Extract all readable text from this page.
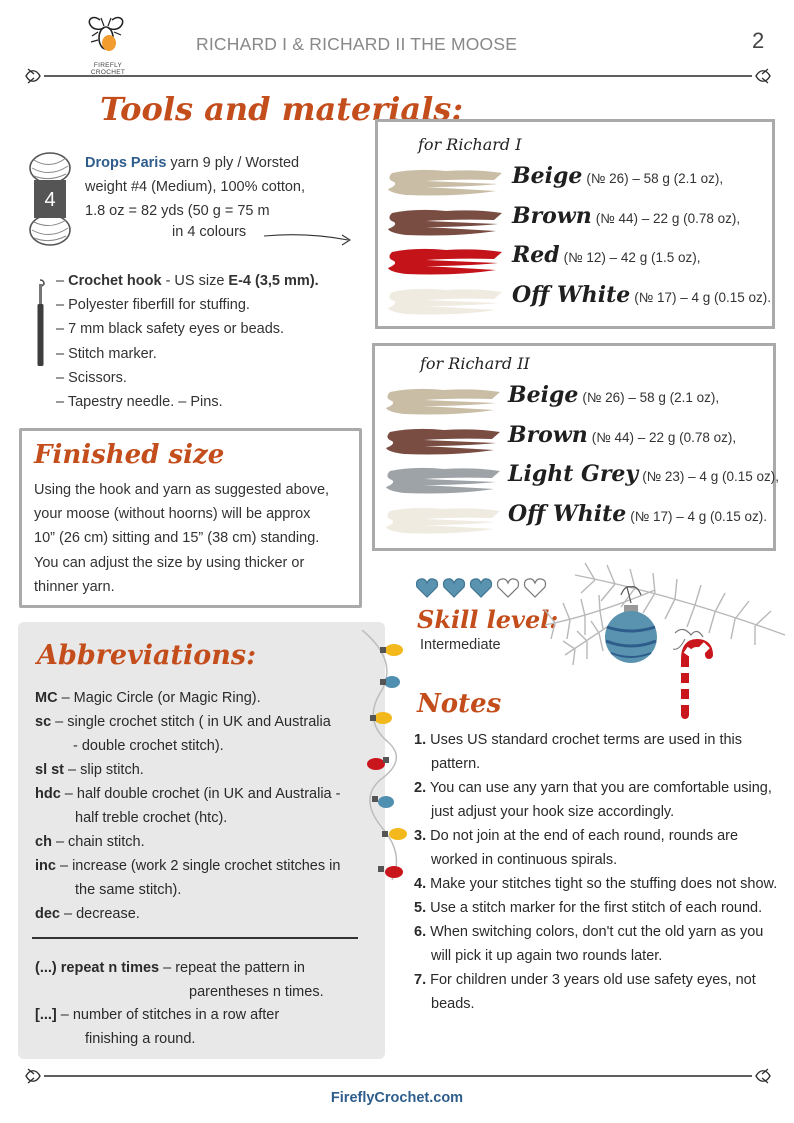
FIREFLY CROCHET
RICHARD I & RICHARD II THE MOOSE	2
Tools and materials:
4
Drops Paris yarn 9 ply / Worsted
weight #4 (Medium), 100% cotton,
1.8 oz = 82 yds (50 g = 75 m
in 4 colours
– Crochet hook - US size E-4 (3,5 mm).
– Polyester fiberfill for stuffing.
– 7 mm black safety eyes or beads.
– Stitch marker.
– Scissors.
– Tapestry needle. – Pins.
Finished size
Using the hook and yarn as suggested above,
your moose (without hoorns) will be approx
10” (26 cm) sitting and 15” (38 cm) standing.
You can adjust the size by using thicker or
thinner yarn.
Abbreviations:
MC – Magic Circle (or Magic Ring).
sc – single crochet stitch ( in UK and Australia
- double crochet stitch).
sl st – slip stitch.
hdc – half double crochet (in UK and Australia -
half treble crochet (htc).
ch – chain stitch.
inc – increase (work 2 single crochet stitches in
the same stitch).
dec – decrease.
(...) repeat n times – repeat the pattern in
parentheses n times.
[...] – number of stitches in a row after
finishing a round.
for Richard I
Beige (№ 26) – 58 g (2.1 oz),
Brown (№ 44) – 22 g (0.78 oz),
Red (№ 12) – 42 g (1.5 oz),
Off White (№ 17) – 4 g (0.15 oz).
for Richard II
Beige (№ 26) – 58 g (2.1 oz),
Brown (№ 44) – 22 g (0.78 oz),
Light Grey (№ 23) – 4 g (0.15 oz),
Off White (№ 17) – 4 g (0.15 oz).
Skill level:
Intermediate
Notes
1. Uses US standard crochet terms are used in this pattern.
2. You can use any yarn that you are comfortable using, just adjust your hook size accordingly.
3. Do not join at the end of each round, rounds are worked in continuous spirals.
4. Make your stitches tight so the stuffing does not show.
5. Use a stitch marker for the first stitch of each round.
6. When switching colors, don't cut the old yarn as you will pick it up again two rounds later.
7. For children under 3 years old use safety eyes, not beads.
FireflyCrochet.com
